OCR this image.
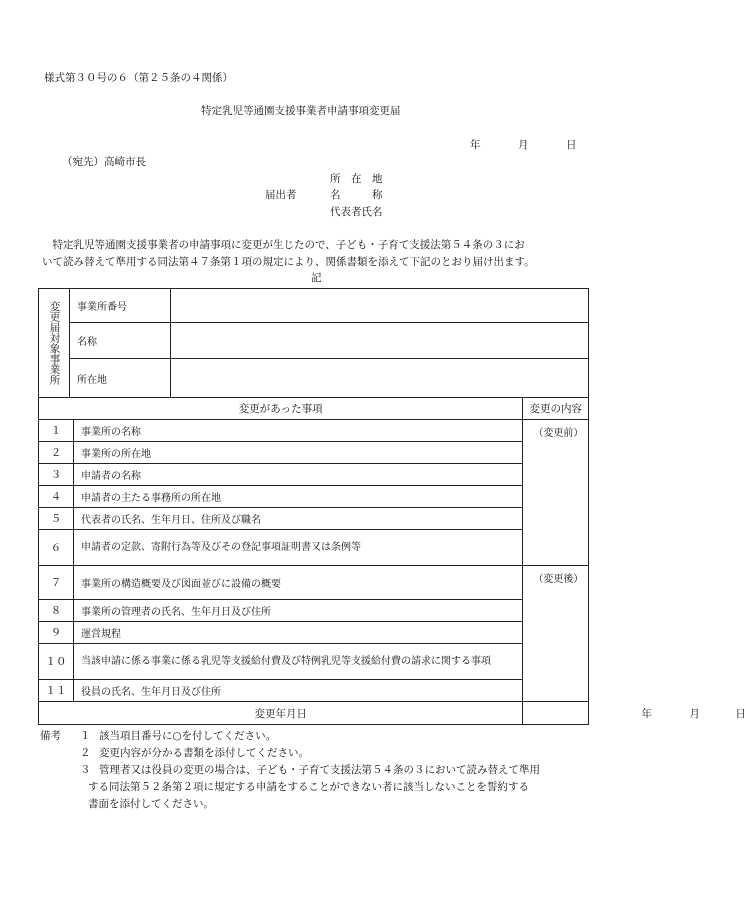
様式第３０号の６（第２５条の４関係）
特定乳児等通園支援事業者申請事項変更届
年	月	日
（宛先）高崎市長
所　在　地
届出者	名　　　称
代表者氏名
　特定乳児等通園支援事業者の申請事項に変更が生じたので、子ども・子育て支援法第５４条の３にお
いて読み替えて準用する同法第４７条第１項の規定により、関係書類を添えて下記のとおり届け出ます。
記
変更届対象事業所	事業所番号	
	名称	
	所在地	
変更があった事項		変更の内容
１	事業所の名称	（変更前）

２	事業所の所在地	
３	申請者の名称	
４	申請者の主たる事務所の所在地	
５	代表者の氏名、生年月日、住所及び職名	
６	申請者の定款、寄附行為等及びその登記事項証明書又は条例等	
７	事業所の構造概要及び図面並びに設備の概要	（変更後）

８	事業所の管理者の氏名、生年月日及び住所	
９	運営規程	
１０	当該申請に係る事業に係る乳児等支援給付費及び特例乳児等支援給付費の請求に関する事項	
１１	役員の氏名、生年月日及び住所	
変更年月日		年 月 日
備考 １ 該当項目番号に○を付してください。
２ 変更内容が分かる書類を添付してください。
３ 管理者又は役員の変更の場合は、子ども・子育て支援法第５４条の３において読み替えて準用
する同法第５２条第２項に規定する申請をすることができない者に該当しないことを誓約する
書面を添付してください。
